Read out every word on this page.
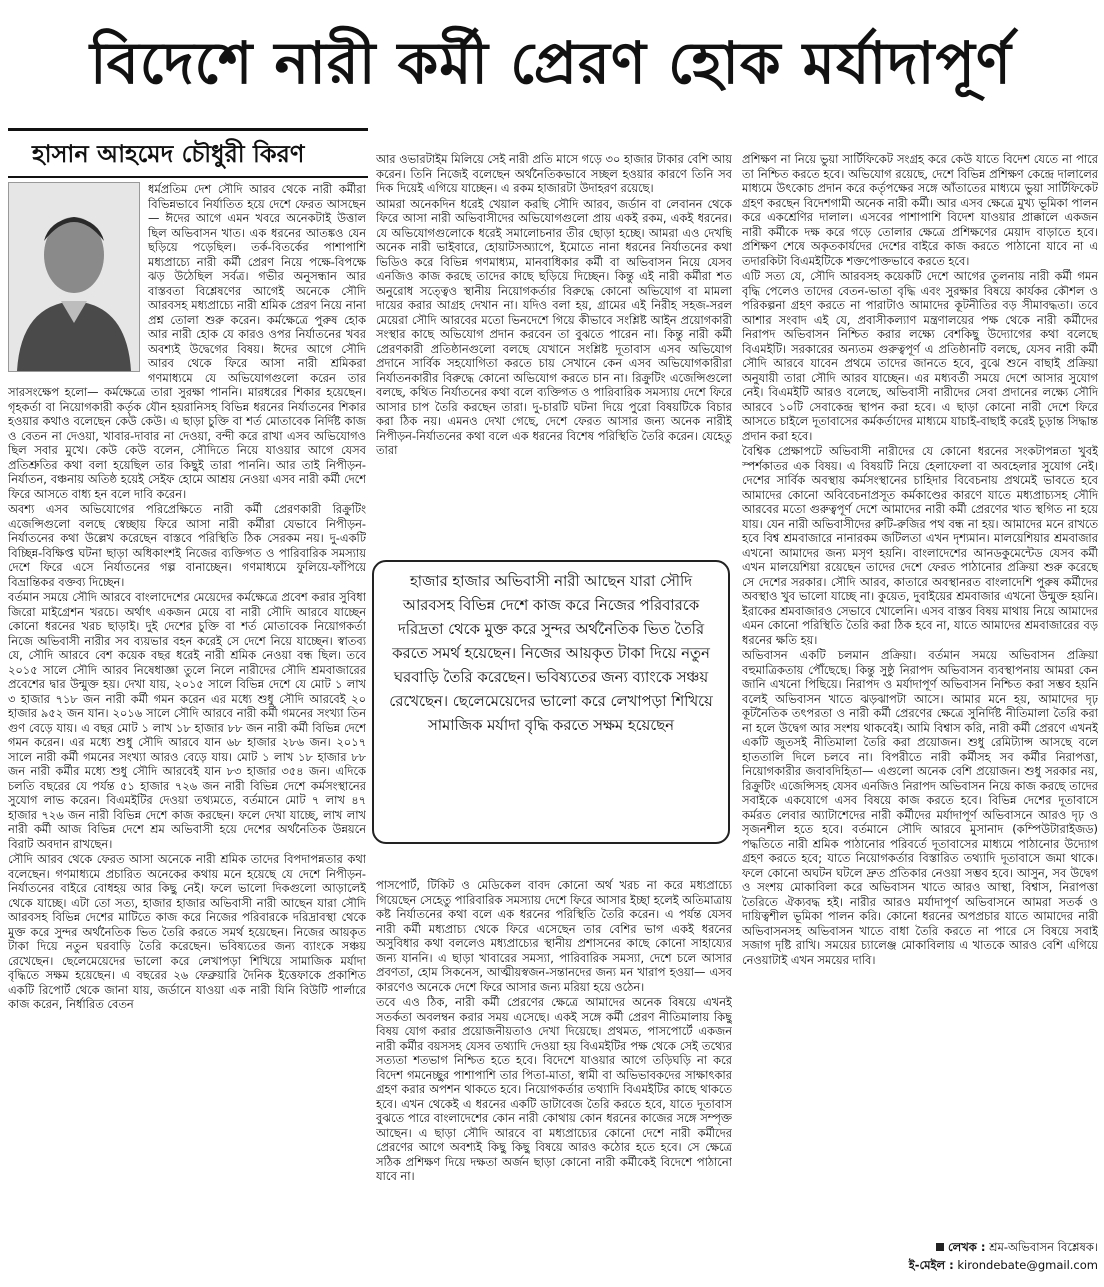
বিদেশে নারী কর্মী প্রেরণ হোক মর্যাদাপূর্ণ
হাসান আহমেদ চৌধুরী কিরণ

ধর্মপ্রতিম দেশ সৌদি আরব থেকে নারী কর্মীরা বিভিন্নভাবে নির্যাতিত হয়ে দেশে ফেরত আসছেন— ঈদের আগে এমন খবরে অনেকটাই উত্তাল ছিল অভিবাসন খাত। এক ধরনের আতঙ্কও যেন ছড়িয়ে পড়েছিল। তর্ক-বিতর্কের পাশাপাশি মধ্যপ্রাচ্যে নারী কর্মী প্রেরণ নিয়ে পক্ষে-বিপক্ষে ঝড় উঠেছিল সর্বত্র। গভীর অনুসন্ধান আর বাস্তবতা বিশ্লেষণের আগেই অনেকে সৌদি আরবসহ মধ্যপ্রাচ্যে নারী শ্রমিক প্রেরণ নিয়ে নানা প্রশ্ন তোলা শুরু করেন। কর্মক্ষেত্রে পুরুষ হোক আর নারী হোক যে কারও ওপর নির্যাতনের খবর অবশ্যই উদ্বেগের বিষয়। ঈদের আগে সৌদি আরব থেকে ফিরে আসা নারী শ্রমিকরা গণমাধ্যমে যে অভিযোগগুলো করেন তার সারসংক্ষেপ হলো— কর্মক্ষেত্রে তারা সুরক্ষা পাননি। মারধরের শিকার হয়েছেন। গৃহকর্তা বা নিয়োগকারী কর্তৃক যৌন হয়রানিসহ বিভিন্ন ধরনের নির্যাতনের শিকার হওয়ার কথাও বলেছেন কেউ কেউ। এ ছাড়া চুক্তি বা শর্ত মোতাবেক নির্দিষ্ট কাজ ও বেতন না দেওয়া, খাবার-দাবার না দেওয়া, বন্দী করে রাখা এসব অভিযোগও ছিল সবার মুখে। কেউ কেউ বলেন, সৌদিতে নিয়ে যাওয়ার আগে যেসব প্রতিশ্রুতির কথা বলা হয়েছিল তার কিছুই তারা পাননি। আর তাই নিপীড়ন-নির্যাতন, বঞ্চনায় অতিষ্ঠ হয়েই সেইফ হোমে আশ্রয় নেওয়া এসব নারী কর্মী দেশে ফিরে আসতে বাধ্য হন বলে দাবি করেন।

অবশ্য এসব অভিযোগের পরিপ্রেক্ষিতে নারী কর্মী প্রেরণকারী রিক্রুটিং এজেন্সিগুলো বলছে স্বেচ্ছায় ফিরে আসা নারী কর্মীরা যেভাবে নিপীড়ন-নির্যাতনের কথা উল্লেখ করেছেন বাস্তবে পরিস্থিতি ঠিক সেরকম নয়। দু-একটি বিচ্ছিন্ন-বিক্ষিপ্ত ঘটনা ছাড়া অধিকাংশই নিজের ব্যক্তিগত ও পারিবারিক সমস্যায় দেশে ফিরে এসে নির্যাতনের গল্প বানাচ্ছেন। গণমাধ্যমে ফুলিয়ে-ফাঁপিয়ে বিভ্রান্তিকর বক্তব্য দিচ্ছেন।

বর্তমান সময়ে সৌদি আরবে বাংলাদেশের মেয়েদের কর্মক্ষেত্রে প্রবেশ করার সুবিধা জিরো মাইগ্রেশন খরচে। অর্থাৎ একজন মেয়ে বা নারী সৌদি আরবে যাচ্ছেন কোনো ধরনের খরচ ছাড়াই। দুই দেশের চুক্তি বা শর্ত মোতাবেক নিয়োগকর্তা নিজে অভিবাসী নারীর সব ব্যয়ভার বহন করেই সে দেশে নিয়ে যাচ্ছেন। স্বাতব্য যে, সৌদি আরবে বেশ কয়েক বছর ধরেই নারী শ্রমিক নেওয়া বন্ধ ছিল। তবে ২০১৫ সালে সৌদি আরব নিষেধাজ্ঞা তুলে নিলে নারীদের সৌদি শ্রমবাজারের প্রবেশের দ্বার উন্মুক্ত হয়। দেখা যায়, ২০১৫ সালে বিভিন্ন দেশে যে মোট ১ লাখ ৩ হাজার ৭১৮ জন নারী কর্মী গমন করেন এর মধ্যে শুধু সৌদি আরবেই ২০ হাজার ৯৫২ জন যান। ২০১৬ সালে সৌদি আরবে নারী কর্মী গমনের সংখ্যা তিন গুণ বেড়ে যায়। এ বছর মোট ১ লাখ ১৮ হাজার ৮৮ জন নারী কর্মী বিভিন্ন দেশে গমন করেন। এর মধ্যে শুধু সৌদি আরবে যান ৬৮ হাজার ২৮৬ জন। ২০১৭ সালে নারী কর্মী গমনের সংখ্যা আরও বেড়ে যায়। মোট ১ লাখ ১৮ হাজার ৮৮ জন নারী কর্মীর মধ্যে শুধু সৌদি আরবেই যান ৮৩ হাজার ৩৫৪ জন। এদিকে চলতি বছরের যে পর্যন্ত ৫১ হাজার ৭২৬ জন নারী বিভিন্ন দেশে কর্মসংস্থানের সুযোগ লাভ করেন। বিএমইটির দেওয়া তথ্যমতে, বর্তমানে মোট ৭ লাখ ৪৭ হাজার ৭২৬ জন নারী বিভিন্ন দেশে কাজ করছেন। ফলে দেখা যাচ্ছে, লাখ লাখ নারী কর্মী আজ বিভিন্ন দেশে শ্রম অভিবাসী হয়ে দেশের অর্থনৈতিক উন্নয়নে বিরাট অবদান রাখছেন।

সৌদি আরব থেকে ফেরত আসা অনেকে নারী শ্রমিক তাদের বিপদাপন্নতার কথা বলেছেন। গণমাধ্যমে প্রচারিত অনেকের কথায় মনে হয়েছে যে দেশে নিপীড়ন-নির্যাতনের বাইরে বোধহয় আর কিছু নেই। ফলে ভালো দিকগুলো আড়ালেই থেকে যাচ্ছে। এটা তো সত্য, হাজার হাজার অভিবাসী নারী আছেন যারা সৌদি আরবসহ বিভিন্ন দেশের মাটিতে কাজ করে নিজের পরিবারকে দরিদ্রাবস্থা থেকে মুক্ত করে সুন্দর অর্থনৈতিক ভিত তৈরি করতে সমর্থ হয়েছেন। নিজের আয়কৃত টাকা দিয়ে নতুন ঘরবাড়ি তৈরি করেছেন। ভবিষ্যতের জন্য ব্যাংকে সঞ্চয় রেখেছেন। ছেলেমেয়েদের ভালো করে লেখাপড়া শিখিয়ে সামাজিক মর্যাদা বৃদ্ধিতে সক্ষম হয়েছেন। এ বছরের ২৬ ফেব্রুয়ারি দৈনিক ইত্তেফাকে প্রকাশিত একটি রিপোর্ট থেকে জানা যায়, জর্ডানে যাওয়া এক নারী যিনি বিউটি পার্লারে কাজ করেন, নির্ধারিত বেতন

আর ওভারটাইম মিলিয়ে সেই নারী প্রতি মাসে গড়ে ৩০ হাজার টাকার বেশি আয় করেন। তিনি নিজেই বলেছেন অর্থনৈতিকভাবে সচ্ছল হওয়ার কারণে তিনি সব দিক দিয়েই এগিয়ে যাচ্ছেন। এ রকম হাজারটা উদাহরণ রয়েছে।

আমরা অনেকদিন ধরেই খেয়াল করছি সৌদি আরব, জর্ডান বা লেবানন থেকে ফিরে আসা নারী অভিবাসীদের অভিযোগগুলো প্রায় একই রকম, একই ধরনের। যে অভিযোগগুলোকে ধরেই সমালোচনার তীর ছোড়া হচ্ছে। আমরা এও দেখছি অনেক নারী ভাইবারে, হোয়াটসঅ্যাপে, ইমোতে নানা ধরনের নির্যাতনের কথা ভিডিও করে বিভিন্ন গণমাধ্যম, মানবাধিকার কর্মী বা অভিবাসন নিয়ে যেসব এনজিও কাজ করছে তাদের কাছে ছড়িয়ে দিচ্ছেন। কিন্তু এই নারী কর্মীরা শত অনুরোধ সত্ত্বেও স্থানীয় নিয়োগকর্তার বিরুদ্ধে কোনো অভিযোগ বা মামলা দায়ের করার আগ্রহ দেখান না। যদিও বলা হয়, গ্রামের এই নিরীহ সহজ-সরল মেয়েরা সৌদি আরবের মতো ভিনদেশে গিয়ে কীভাবে সংশ্লিষ্ট আইন প্রয়োগকারী সংস্থার কাছে অভিযোগ প্রদান করবেন তা বুঝতে পারেন না। কিন্তু নারী কর্মী প্রেরণকারী প্রতিষ্ঠানগুলো বলছে যেখানে সংশ্লিষ্ট দূতাবাস এসব অভিযোগ প্রদানে সার্বিক সহযোগিতা করতে চায় সেখানে কেন এসব অভিযোগকারীরা নির্যাতনকারীর বিরুদ্ধে কোনো অভিযোগ করতে চান না। রিক্রুটিং এজেন্সিগুলো বলছে, কথিত নির্যাতনের কথা বলে ব্যক্তিগত ও পারিবারিক সমস্যায় দেশে ফিরে আসার চাপ তৈরি করছেন তারা। দু-চারটি ঘটনা দিয়ে পুরো বিষয়টিকে বিচার করা ঠিক নয়। এমনও দেখা গেছে, দেশে ফেরত আসার জন্য অনেক নারীই নিপীড়ন-নির্যাতনের কথা বলে এক ধরনের বিশেষ পরিস্থিতি তৈরি করেন। যেহেতু তারা

পাসপোর্ট, টিকিট ও মেডিকেল বাবদ কোনো অর্থ খরচ না করে মধ্যপ্রাচ্যে গিয়েছেন সেহেতু পারিবারিক সমস্যায় দেশে ফিরে আসার ইচ্ছা হলেই অতিমাত্রায় কষ্ট নির্যাতনের কথা বলে এক ধরনের পরিস্থিতি তৈরি করেন। এ পর্যন্ত যেসব নারী কর্মী মধ্যপ্রাচ্য থেকে ফিরে এসেছেন তার বেশির ভাগ একই ধরনের অসুবিধার কথা বললেও মধ্যপ্রাচ্যের স্থানীয় প্রশাসনের কাছে কোনো সাহায্যের জন্য যাননি। এ ছাড়া খাবারের সমস্যা, পারিবারিক সমস্যা, দেশে চলে আসার প্রবণতা, হোম সিকনেস, আত্মীয়স্বজন-সন্তানদের জন্য মন খারাপ হওয়া— এসব কারণেও অনেকে দেশে ফিরে আসার জন্য মরিয়া হয়ে ওঠেন।

তবে এও ঠিক, নারী কর্মী প্রেরণের ক্ষেত্রে আমাদের অনেক বিষয়ে এখনই সতর্কতা অবলম্বন করার সময় এসেছে। একই সঙ্গে কর্মী প্রেরণ নীতিমালায় কিছু বিষয় যোগ করার প্রয়োজনীয়তাও দেখা দিয়েছে। প্রথমত, পাসপোর্টে একজন নারী কর্মীর বয়সসহ যেসব তথ্যাদি দেওয়া হয় বিএমইটির পক্ষ থেকে সেই তথ্যের সত্যতা শতভাগ নিশ্চিত হতে হবে। বিদেশে যাওয়ার আগে তড়িঘড়ি না করে বিদেশ গমনেচ্ছুর পাশাপাশি তার পিতা-মাতা, স্বামী বা অভিভাবকদের সাক্ষাৎকার গ্রহণ করার অপশন থাকতে হবে। নিয়োগকর্তার তথ্যাদি বিএমইটির কাছে থাকতে হবে। এখন থেকেই এ ধরনের একটি ডাটাবেজ তৈরি করতে হবে, যাতে দূতাবাস বুঝতে পারে বাংলাদেশের কোন নারী কোথায় কোন ধরনের কাজের সঙ্গে সম্পৃক্ত আছেন। এ ছাড়া সৌদি আরবে বা মধ্যপ্রাচ্যের কোনো দেশে নারী কর্মীদের প্রেরণের আগে অবশ্যই কিছু কিছু বিষয়ে আরও কঠোর হতে হবে। সে ক্ষেত্রে সঠিক প্রশিক্ষণ দিয়ে দক্ষতা অর্জন ছাড়া কোনো নারী কর্মীকেই বিদেশে পাঠানো যাবে না।

হাজার হাজার অভিবাসী নারী আছেন যারা সৌদি আরবসহ বিভিন্ন দেশে কাজ করে নিজের পরিবারকে দরিদ্রতা থেকে মুক্ত করে সুন্দর অর্থনৈতিক ভিত তৈরি করতে সমর্থ হয়েছেন। নিজের আয়কৃত টাকা দিয়ে নতুন ঘরবাড়ি তৈরি করেছেন। ভবিষ্যতের জন্য ব্যাংকে সঞ্চয় রেখেছেন। ছেলেমেয়েদের ভালো করে লেখাপড়া শিখিয়ে সামাজিক মর্যাদা বৃদ্ধি করতে সক্ষম হয়েছেন

প্রশিক্ষণ না নিয়ে ভুয়া সার্টিফিকেট সংগ্রহ করে কেউ যাতে বিদেশ যেতে না পারে তা নিশ্চিত করতে হবে। অভিযোগ রয়েছে, দেশে বিভিন্ন প্রশিক্ষণ কেন্দ্রে দালালের মাধ্যমে উৎকোচ প্রদান করে কর্তৃপক্ষের সঙ্গে আঁতাতের মাধ্যমে ভুয়া সার্টিফিকেট গ্রহণ করছেন বিদেশগামী অনেক নারী কর্মী। আর এসব ক্ষেত্রে মুখ্য ভূমিকা পালন করে একশ্রেণির দালাল। এসবের পাশাপাশি বিদেশ যাওয়ার প্রাক্কালে একজন নারী কর্মীকে দক্ষ করে গড়ে তোলার ক্ষেত্রে প্রশিক্ষণের মেয়াদ বাড়াতে হবে। প্রশিক্ষণ শেষে অকৃতকার্যদের দেশের বাইরে কাজ করতে পাঠানো যাবে না এ তদারকিটা বিএমইটিকে শক্তপোক্তভাবে করতে হবে।

এটি সত্য যে, সৌদি আরবসহ কয়েকটি দেশে আগের তুলনায় নারী কর্মী গমন বৃদ্ধি পেলেও তাদের বেতন-ভাতা বৃদ্ধি এবং সুরক্ষার বিষয়ে কার্যকর কৌশল ও পরিকল্পনা গ্রহণ করতে না পারাটাও আমাদের কূটনীতির বড় সীমাবদ্ধতা। তবে আশার সংবাদ এই যে, প্রবাসীকল্যাণ মন্ত্রণালয়ের পক্ষ থেকে নারী কর্মীদের নিরাপদ অভিবাসন নিশ্চিত করার লক্ষ্যে বেশকিছু উদ্যোগের কথা বলেছে বিএমইটি। সরকারের অন্যতম গুরুত্বপূর্ণ এ প্রতিষ্ঠানটি বলছে, যেসব নারী কর্মী সৌদি আরবে যাবেন প্রথমে তাদের জানতে হবে, বুঝে শুনে বাছাই প্রক্রিয়া অনুযায়ী তারা সৌদি আরব যাচ্ছেন। এর মধ্যবর্তী সময়ে দেশে আসার সুযোগ নেই। বিএমইটি আরও বলেছে, অভিবাসী নারীদের সেবা প্রদানের লক্ষ্যে সৌদি আরবে ১০টি সেবাকেন্দ্র স্থাপন করা হবে। এ ছাড়া কোনো নারী দেশে ফিরে আসতে চাইলে দূতাবাসের কর্মকর্তাদের মাধ্যমে যাচাই-বাছাই করেই চূড়ান্ত সিদ্ধান্ত প্রদান করা হবে।

বৈশ্বিক প্রেক্ষাপটে অভিবাসী নারীদের যে কোনো ধরনের সংকটাপন্নতা খুবই স্পর্শকাতর এক বিষয়। এ বিষয়টি নিয়ে হেলাফেলা বা অবহেলার সুযোগ নেই। দেশের সার্বিক অবস্থায় কর্মসংস্থানের চাহিদার বিবেচনায় প্রথমেই ভাবতে হবে আমাদের কোনো অবিবেচনাপ্রসূত কর্মকাণ্ডের কারণে যাতে মধ্যপ্রাচ্যসহ সৌদি আরবের মতো গুরুত্বপূর্ণ দেশে আমাদের নারী কর্মী প্রেরণের খাত স্থগিত না হয়ে যায়। যেন নারী অভিবাসীদের রুটি-রুজির পথ বন্ধ না হয়। আমাদের মনে রাখতে হবে বিশ্ব শ্রমবাজারে নানারকম জটিলতা এখন দৃশ্যমান। মালয়েশিয়ার শ্রমবাজার এখনো আমাদের জন্য মসৃণ হয়নি। বাংলাদেশের আনডকুমেন্টেড যেসব কর্মী এখন মালয়েশিয়া রয়েছেন তাদের দেশে ফেরত পাঠানোর প্রক্রিয়া শুরু করেছে সে দেশের সরকার। সৌদি আরব, কাতারে অবস্থানরত বাংলাদেশি পুরুষ কর্মীদের অবস্থাও খুব ভালো যাচ্ছে না। কুয়েত, দুবাইয়ের শ্রমবাজার এখনো উন্মুক্ত হয়নি। ইরাকের শ্রমবাজারও সেভাবে খোলেনি। এসব বাস্তব বিষয় মাথায় নিয়ে আমাদের এমন কোনো পরিস্থিতি তৈরি করা ঠিক হবে না, যাতে আমাদের শ্রমবাজারের বড় ধরনের ক্ষতি হয়।

অভিবাসন একটি চলমান প্রক্রিয়া। বর্তমান সময়ে অভিবাসন প্রক্রিয়া বহুমাত্রিকতায় পৌঁছেছে। কিন্তু সুষ্ঠু নিরাপদ অভিবাসন ব্যবস্থাপনায় আমরা কেন জানি এখনো পিছিয়ে। নিরাপদ ও মর্যাদাপূর্ণ অভিবাসন নিশ্চিত করা সম্ভব হয়নি বলেই অভিবাসন খাতে ঝড়ঝাপটা আসে। আমার মনে হয়, আমাদের দৃঢ় কূটনৈতিক তৎপরতা ও নারী কর্মী প্রেরণের ক্ষেত্রে সুনির্দিষ্ট নীতিমালা তৈরি করা না হলে উদ্বেগ আর সংশয় থাকবেই। আমি বিশ্বাস করি, নারী কর্মী প্রেরণে এখনই একটি জুতসই নীতিমালা তৈরি করা প্রয়োজন। শুধু রেমিট্যান্স আসছে বলে হাততালি দিলে চলবে না। বিপরীতে নারী কর্মীসহ সব কর্মীর নিরাপত্তা, নিয়োগকারীর জবাবদিহিতা— এগুলো অনেক বেশি প্রয়োজন। শুধু সরকার নয়, রিক্রুটিং এজেন্সিসহ যেসব এনজিও নিরাপদ অভিবাসন নিয়ে কাজ করছে তাদের সবাইকে একযোগে এসব বিষয়ে কাজ করতে হবে। বিভিন্ন দেশের দূতাবাসে কর্মরত লেবার অ্যাটাশেদের নারী কর্মীদের মর্যাদাপূর্ণ অভিবাসনে আরও দৃঢ় ও সৃজনশীল হতে হবে। বর্তমানে সৌদি আরবে মুসানাদ (কম্পিউটারাইজড) পদ্ধতিতে নারী শ্রমিক পাঠানোর পরিবর্তে দূতাবাসের মাধ্যমে পাঠানোর উদ্যোগ গ্রহণ করতে হবে; যাতে নিয়োগকর্তার বিস্তারিত তথ্যাদি দূতাবাসে জমা থাকে। ফলে কোনো অঘটন ঘটলে দ্রুত প্রতিকার নেওয়া সম্ভব হবে। আসুন, সব উদ্বেগ ও সংশয় মোকাবিলা করে অভিবাসন খাতে আরও আস্থা, বিশ্বাস, নিরাপত্তা তৈরিতে ঐক্যবদ্ধ হই। নারীর আরও মর্যাদাপূর্ণ অভিবাসনে আমরা সতর্ক ও দায়িত্বশীল ভূমিকা পালন করি। কোনো ধরনের অপপ্রচার যাতে আমাদের নারী অভিবাসনসহ অভিবাসন খাতে বাধা তৈরি করতে না পারে সে বিষয়ে সবাই সজাগ দৃষ্টি রাখি। সময়ের চ্যালেঞ্জ মোকাবিলায় এ খাতকে আরও বেশি এগিয়ে নেওয়াটাই এখন সময়ের দাবি।

লেখক : শ্রম-অভিবাসন বিশ্লেষক।
ই-মেইল : kirondebate@gmail.com
